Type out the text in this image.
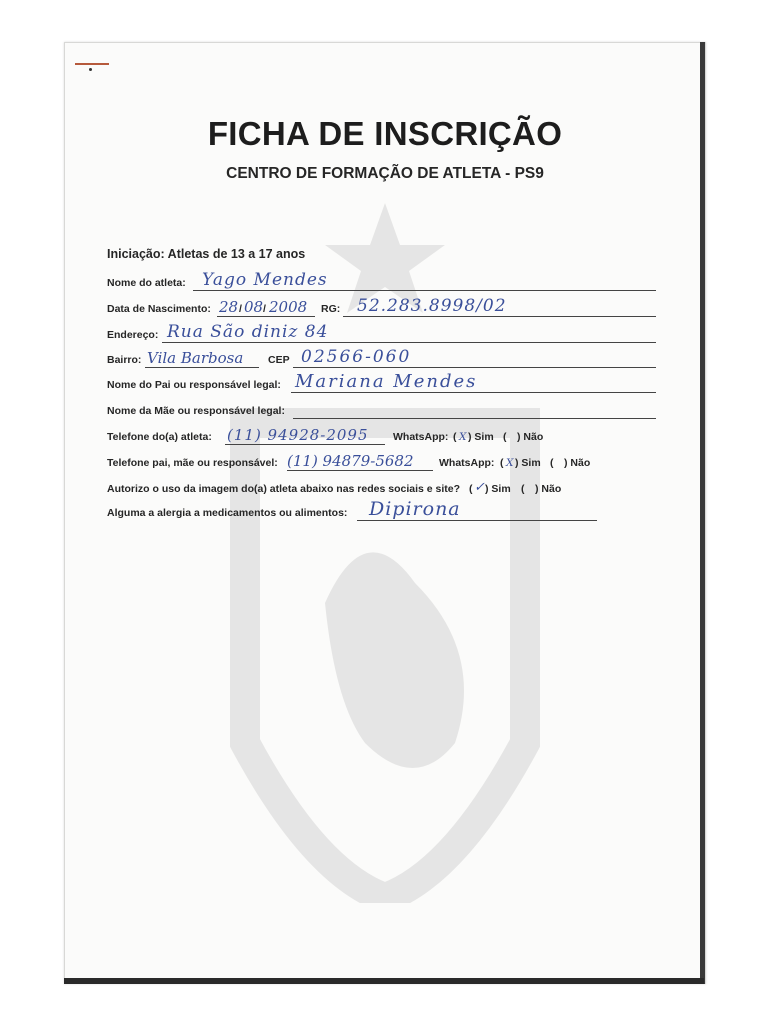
FICHA DE INSCRIÇÃO
CENTRO DE FORMAÇÃO DE ATLETA - PS9
Iniciação: Atletas de 13 a 17 anos
Nome do atleta: Yago Mendes
Data de Nascimento: 28 / 08 / 2008 RG: 52.283.8998/02
Endereço: Rua São diniz 84
Bairro: Vila Barbosa CEP 02566-060
Nome do Pai ou responsável legal: Mariana Mendes
Nome da Mãe ou responsável legal:
Telefone do(a) atleta: (11) 94928-2095 WhatsApp: ( X ) Sim ( ) Não
Telefone pai, mãe ou responsável: (11) 94879-5682 WhatsApp: ( X ) Sim ( ) Não
Autorizo o uso da imagem do(a) atleta abaixo nas redes sociais e site? ( ✓ ) Sim ( ) Não
Alguma a alergia a medicamentos ou alimentos: Dipirona
